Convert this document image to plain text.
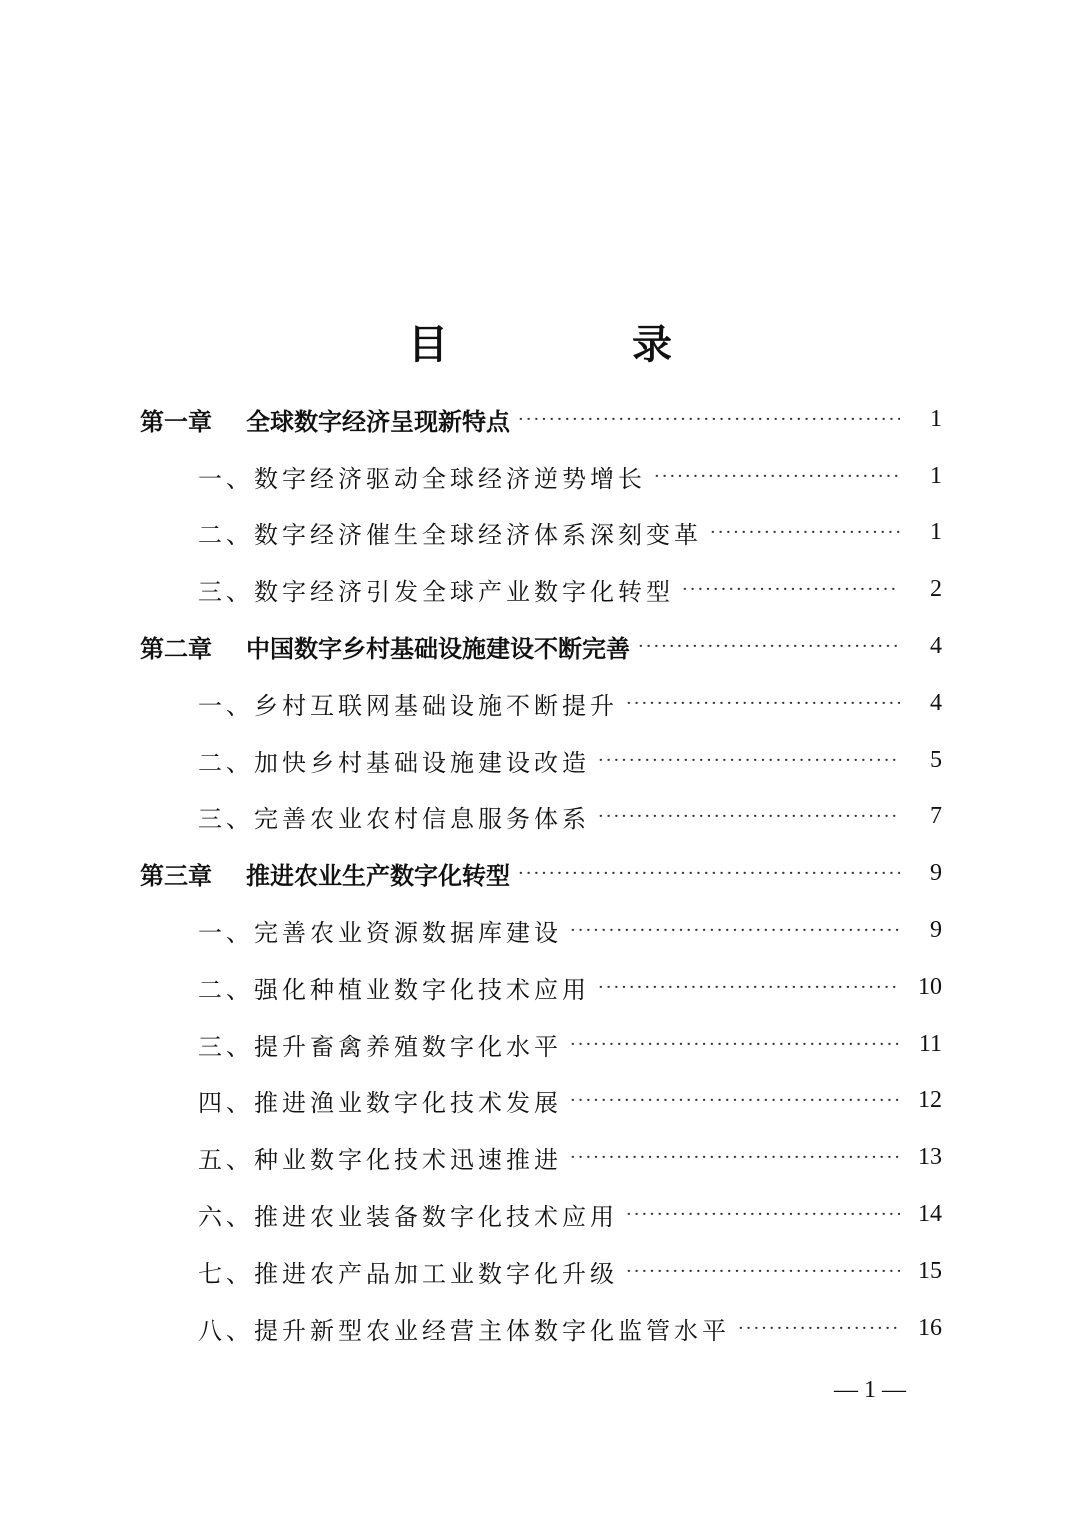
目　录
第一章 全球数字经济呈现新特点 ·····	1
一、数字经济驱动全球经济逆势增长 ·····	1
二、数字经济催生全球经济体系深刻变革 ·····	1
三、数字经济引发全球产业数字化转型 ·····	2
第二章 中国数字乡村基础设施建设不断完善 ·····	4
一、乡村互联网基础设施不断提升 ·····	4
二、加快乡村基础设施建设改造 ·····	5
三、完善农业农村信息服务体系 ·····	7
第三章 推进农业生产数字化转型 ·····	9
一、完善农业资源数据库建设 ·····	9
二、强化种植业数字化技术应用 ·····	10
三、提升畜禽养殖数字化水平 ·····	11
四、推进渔业数字化技术发展 ·····	12
五、种业数字化技术迅速推进 ·····	13
六、推进农业装备数字化技术应用 ·····	14
七、推进农产品加工业数字化升级 ·····	15
八、提升新型农业经营主体数字化监管水平 ·····	16
— 1 —
